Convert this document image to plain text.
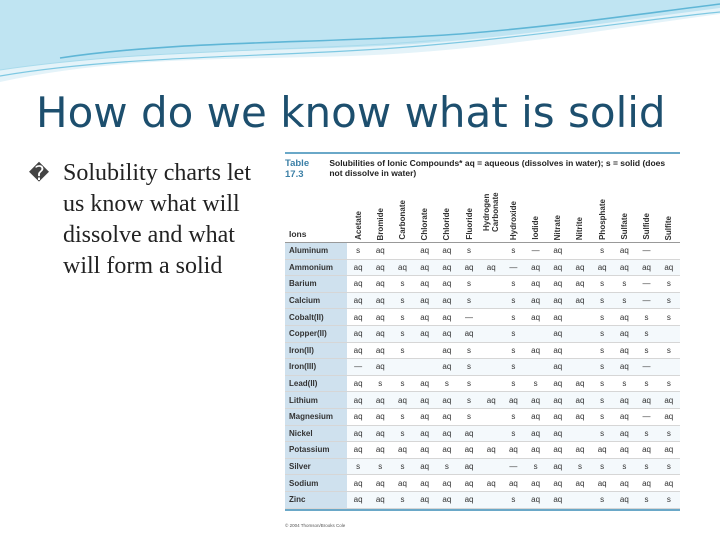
How do we know what is solid
� Solubility charts let us know what will dissolve and what will form a solid
Table 17.3
Solubilities of Ionic Compounds* aq = aqueous (dissolves in water); s = solid (does not dissolve in water)
Ions	Acetate	Bromide	Carbonate	Chlorate	Chloride	Fluoride	Hydrogen Carbonate	Hydroxide	Iodide	Nitrate	Nitrite	Phosphate	Sulfate	Sulfide	Sulfite
Aluminum	s	aq		aq	aq	s		s	—	aq		s	aq	—	
Ammonium	aq	aq	aq	aq	aq	aq	aq	—	aq	aq	aq	aq	aq	aq	aq
Barium	aq	aq	s	aq	aq	s		s	aq	aq	aq	s	s	—	s
Calcium	aq	aq	s	aq	aq	s		s	aq	aq	aq	s	s	—	s
Cobalt(II)	aq	aq	s	aq	aq	—		s	aq	aq		s	aq	s	s
Copper(II)	aq	aq	s	aq	aq	aq		s		aq		s	aq	s	
Iron(II)	aq	aq	s		aq	s		s	aq	aq		s	aq	s	s
Iron(III)	—	aq			aq	s		s		aq		s	aq	—	
Lead(II)	aq	s	s	aq	s	s		s	s	aq	aq	s	s	s	s
Lithium	aq	aq	aq	aq	aq	s	aq	aq	aq	aq	aq	s	aq	aq	aq
Magnesium	aq	aq	s	aq	aq	s		s	aq	aq	aq	s	aq	—	aq
Nickel	aq	aq	s	aq	aq	aq		s	aq	aq		s	aq	s	s
Potassium	aq	aq	aq	aq	aq	aq	aq	aq	aq	aq	aq	aq	aq	aq	aq
Silver	s	s	s	aq	s	aq		—	s	aq	s	s	s	s	s
Sodium	aq	aq	aq	aq	aq	aq	aq	aq	aq	aq	aq	aq	aq	aq	aq
Zinc	aq	aq	s	aq	aq	aq		s	aq	aq		s	aq	s	s
© 2004 Thomson/Brooks Cole
